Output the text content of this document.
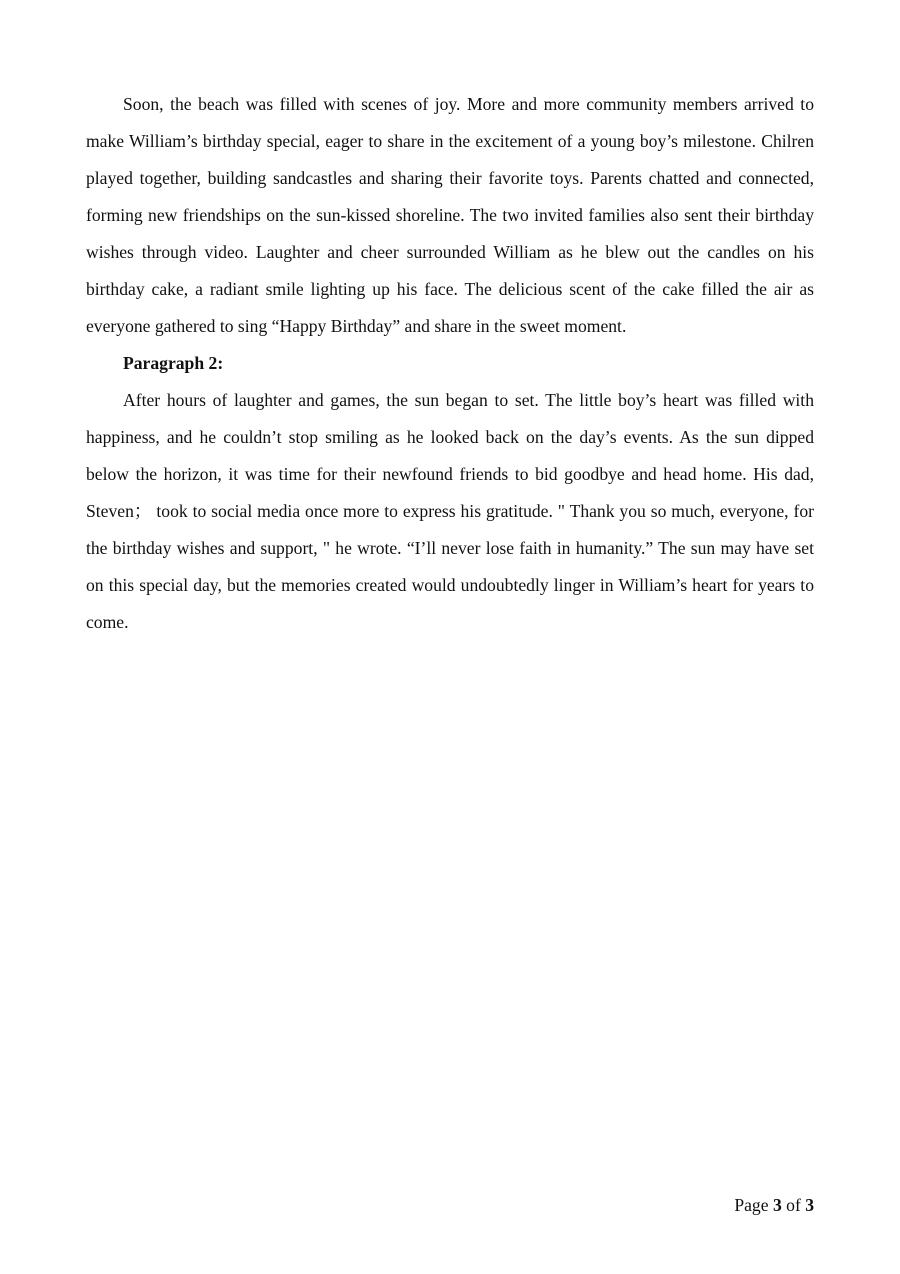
Soon, the beach was filled with scenes of joy. More and more community members arrived to make William’s birthday special, eager to share in the excitement of a young boy’s milestone. Chilren played together, building sandcastles and sharing their favorite toys. Parents chatted and connected, forming new friendships on the sun-kissed shoreline. The two invited families also sent their birthday wishes through video. Laughter and cheer surrounded William as he blew out the candles on his birthday cake, a radiant smile lighting up his face. The delicious scent of the cake filled the air as everyone gathered to sing “Happy Birthday” and share in the sweet moment.

Paragraph 2:

After hours of laughter and games, the sun began to set. The little boy’s heart was filled with happiness, and he couldn’t stop smiling as he looked back on the day’s events. As the sun dipped below the horizon, it was time for their newfound friends to bid goodbye and head home. His dad, Steven； took to social media once more to express his gratitude. " Thank you so much, everyone, for the birthday wishes and support, " he wrote. “I’ll never lose faith in humanity.” The sun may have set on this special day, but the memories created would undoubtedly linger in William’s heart for years to come.

Page 3 of 3
